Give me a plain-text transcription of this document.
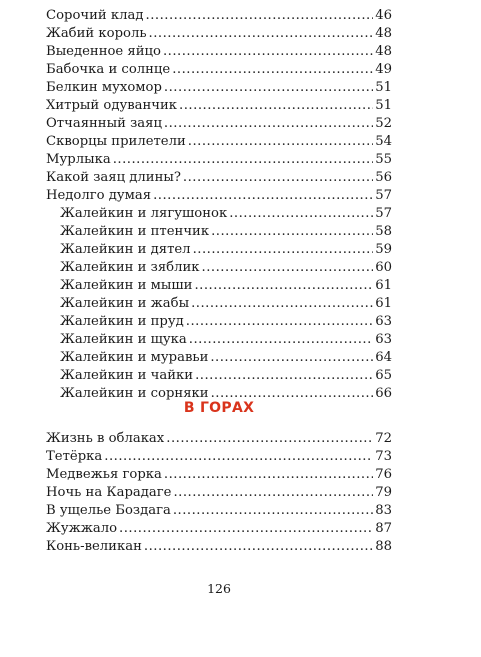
Сорочий клад .....	46
Жабий король .....	48
Выеденное яйцо .....	48
Бабочка и солнце .....	49
Белкин мухомор .....	51
Хитрый одуванчик .....	51
Отчаянный заяц .....	52
Скворцы прилетели .....	54
Мурлыка .....	55
Какой заяц длины? .....	56
Недолго думая .....	57
Жалейкин и лягушонок .....	57
Жалейкин и птенчик .....	58
Жалейкин и дятел .....	59
Жалейкин и зяблик .....	60
Жалейкин и мыши .....	61
Жалейкин и жабы .....	61
Жалейкин и пруд .....	63
Жалейкин и щука .....	63
Жалейкин и муравьи .....	64
Жалейкин и чайки .....	65
Жалейкин и сорняки .....	66
В ГОРАХ
Жизнь в облаках .....	72
Тетёрка .....	73
Медвежья горка .....	76
Ночь на Карадаге .....	79
В ущелье Боздага .....	83
Жужжало .....	87
Конь-великан .....	88
126
